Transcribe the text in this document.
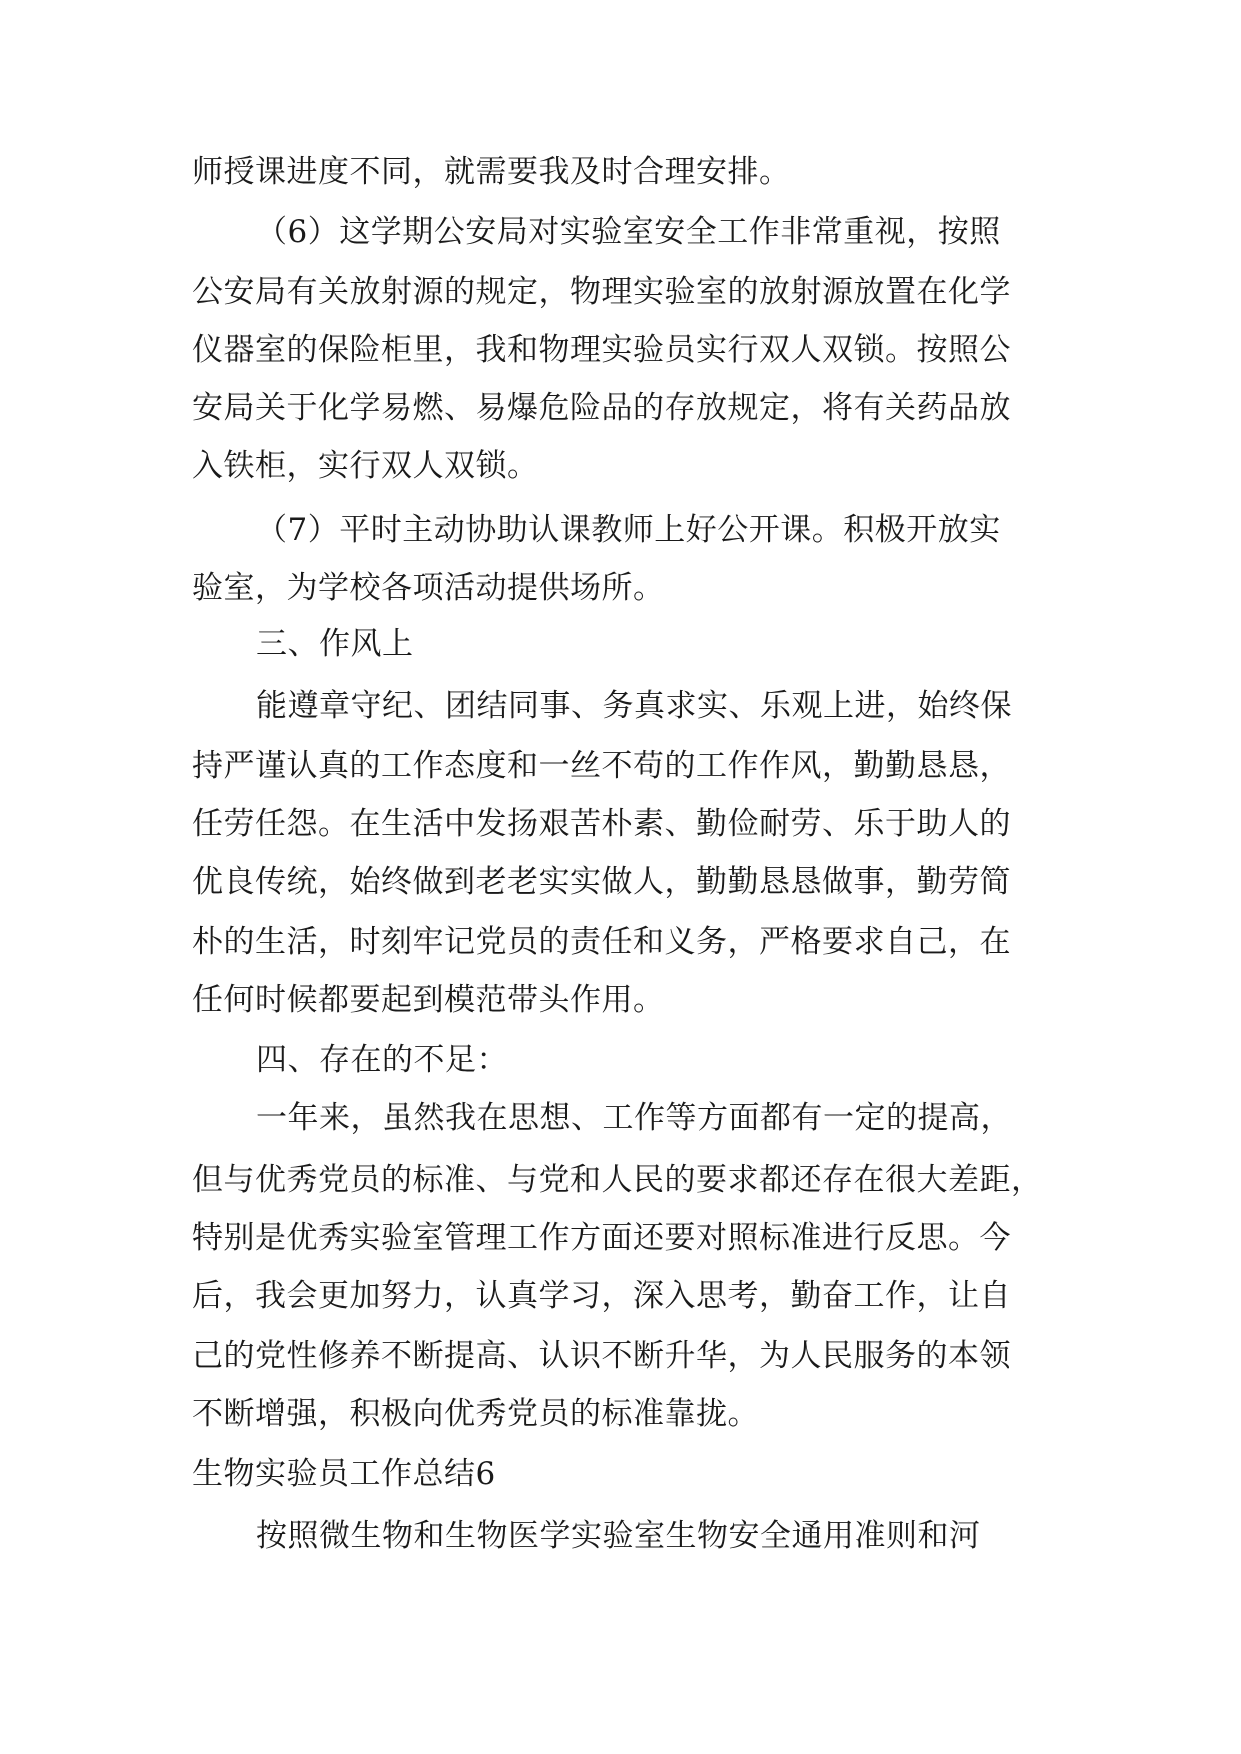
师授课进度不同，就需要我及时合理安排。
（6）这学期公安局对实验室安全工作非常重视，按照
公安局有关放射源的规定，物理实验室的放射源放置在化学
仪器室的保险柜里，我和物理实验员实行双人双锁。按照公
安局关于化学易燃、易爆危险品的存放规定，将有关药品放
入铁柜，实行双人双锁。
（7）平时主动协助认课教师上好公开课。积极开放实
验室，为学校各项活动提供场所。
三、作风上
能遵章守纪、团结同事、务真求实、乐观上进，始终保
持严谨认真的工作态度和一丝不苟的工作作风，勤勤恳恳，
任劳任怨。在生活中发扬艰苦朴素、勤俭耐劳、乐于助人的
优良传统，始终做到老老实实做人，勤勤恳恳做事，勤劳简
朴的生活，时刻牢记党员的责任和义务，严格要求自己，在
任何时候都要起到模范带头作用。
四、存在的不足：
一年来，虽然我在思想、工作等方面都有一定的提高，
但与优秀党员的标准、与党和人民的要求都还存在很大差距，
特别是优秀实验室管理工作方面还要对照标准进行反思。今
后，我会更加努力，认真学习，深入思考，勤奋工作，让自
己的党性修养不断提高、认识不断升华，为人民服务的本领
不断增强，积极向优秀党员的标准靠拢。
生物实验员工作总结6
按照微生物和生物医学实验室生物安全通用准则和河
